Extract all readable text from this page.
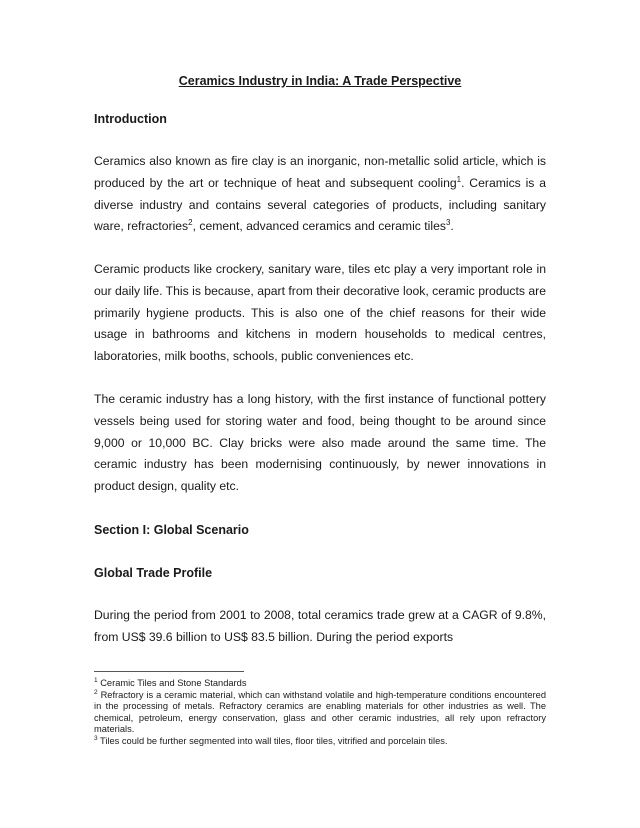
Ceramics Industry in India: A Trade Perspective
Introduction

Ceramics also known as fire clay is an inorganic, non-metallic solid article, which is produced by the art or technique of heat and subsequent cooling$^1$. Ceramics is a diverse industry and contains several categories of products, including sanitary ware, refractories$^2$, cement, advanced ceramics and ceramic tiles$^3$.

Ceramic products like crockery, sanitary ware, tiles etc play a very important role in our daily life. This is because, apart from their decorative look, ceramic products are primarily hygiene products. This is also one of the chief reasons for their wide usage in bathrooms and kitchens in modern households to medical centres, laboratories, milk booths, schools, public conveniences etc.

The ceramic industry has a long history, with the first instance of functional pottery vessels being used for storing water and food, being thought to be around since 9,000 or 10,000 BC. Clay bricks were also made around the same time. The ceramic industry has been modernising continuously, by newer innovations in product design, quality etc.

Section I: Global Scenario
Global Trade Profile

During the period from 2001 to 2008, total ceramics trade grew at a CAGR of 9.8%, from US$ 39.6 billion to US$ 83.5 billion. During the period exports

$^1$ Ceramic Tiles and Stone Standards

$^2$ Refractory is a ceramic material, which can withstand volatile and high-temperature conditions encountered in the processing of metals. Refractory ceramics are enabling materials for other industries as well. The chemical, petroleum, energy conservation, glass and other ceramic industries, all rely upon refractory materials.

$^3$ Tiles could be further segmented into wall tiles, floor tiles, vitrified and porcelain tiles.
